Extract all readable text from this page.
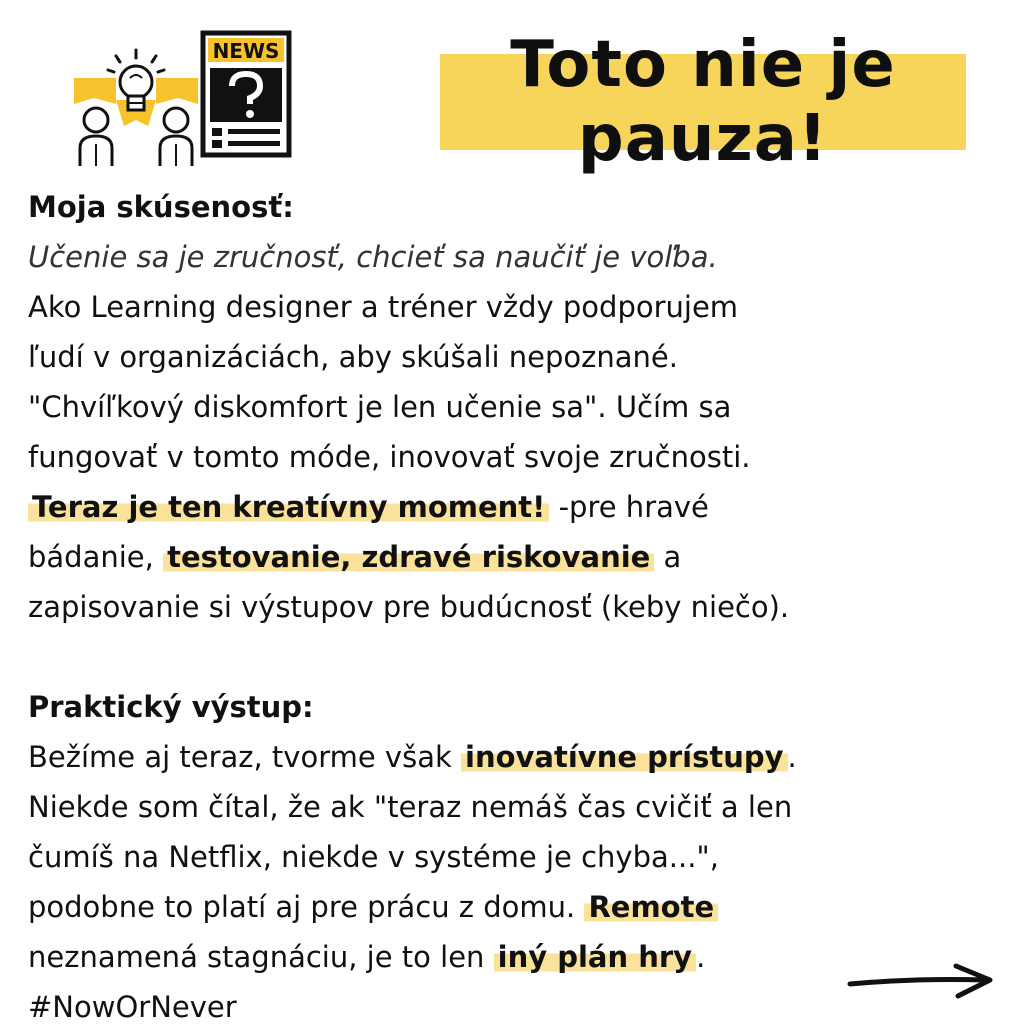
NEWS	Toto nie je
pauza!
Moja skúsenosť:
Učenie sa je zručnosť, chcieť sa naučiť je voľba.
Ako Learning designer a tréner vždy podporujem
ľudí v organizáciách, aby skúšali nepoznané.
"Chvíľkový diskomfort je len učenie sa". Učím sa
fungovať v tomto móde, inovovať svoje zručnosti.
Teraz je ten kreatívny moment! -pre hravé
bádanie, testovanie, zdravé riskovanie a
zapisovanie si výstupov pre budúcnosť (keby niečo).
Praktický výstup:
Bežíme aj teraz, tvorme však inovatívne prístupy .
Niekde som čítal, že ak "teraz nemáš čas cvičiť a len
čumíš na Netflix, niekde v systéme je chyba...",
podobne to platí aj pre prácu z domu. Remote
neznamená stagnáciu, je to len iný plán hry .
#NowOrNever
